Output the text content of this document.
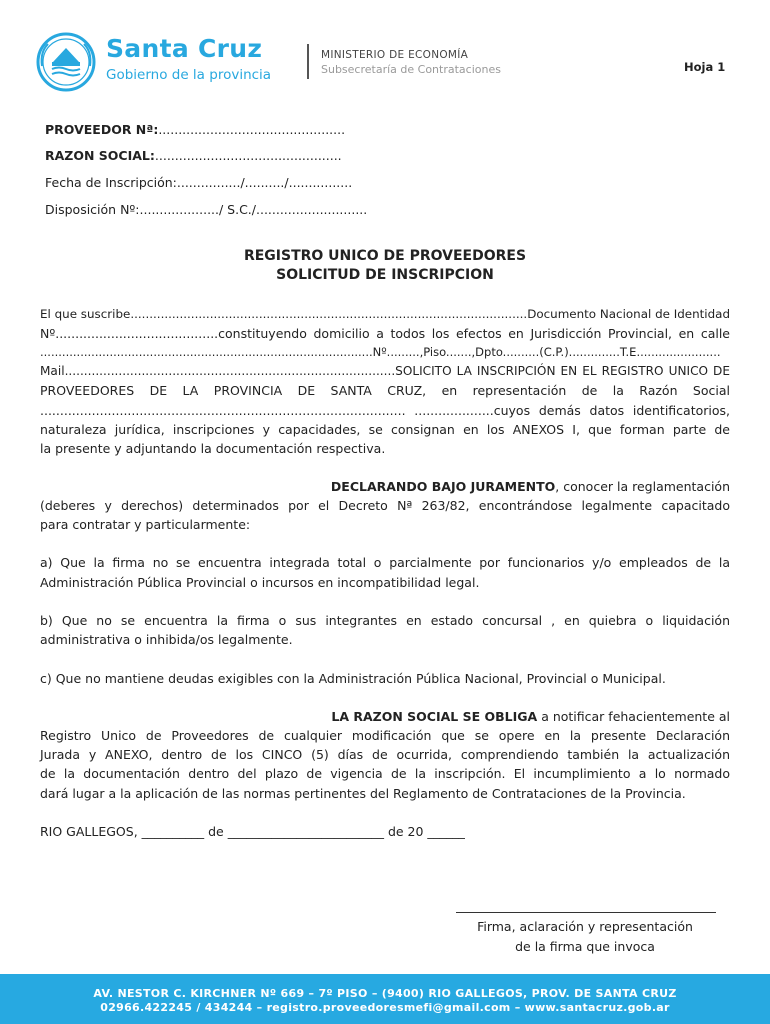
Santa Cruz
Gobierno de la provincia
MINISTERIO DE ECONOMÍA
Subsecretaría de Contrataciones	Hoja 1
PROVEEDOR Nª:...............................................
RAZON SOCIAL:...............................................
Fecha de Inscripción:................/........../................
Disposición Nº:..................../ S.C./............................
REGISTRO UNICO DE PROVEEDORES
SOLICITUD DE INSCRIPCION
El que suscribe.........................................................................................................Documento Nacional de Identidad
Nº.........................................constituyendo domicilio a todos los efectos en Jurisdicción Provincial, en calle
...........................................................................................Nº.........,Piso.......,Dpto..........(C.P.)..............T.E.......................
Mail......................................................................................SOLICITO LA INSCRIPCIÓN EN EL REGISTRO UNICO DE
PROVEEDORES DE LA PROVINCIA DE SANTA CRUZ, en representación de la Razón Social
............................................................................................ ....................cuyos demás datos identificatorios,
naturaleza jurídica, inscripciones y capacidades, se consignan en los ANEXOS I, que forman parte de
la presente y adjuntando la documentación respectiva.
DECLARANDO BAJO JURAMENTO, conocer la reglamentación
(deberes y derechos) determinados por el Decreto Nª 263/82, encontrándose legalmente capacitado
para contratar y particularmente:
a) Que la firma no se encuentra integrada total o parcialmente por funcionarios y/o empleados de la
Administración Pública Provincial o incursos en incompatibilidad legal.
b) Que no se encuentra la firma o sus integrantes en estado concursal , en quiebra o liquidación
administrativa o inhibida/os legalmente.
c) Que no mantiene deudas exigibles con la Administración Pública Nacional, Provincial o Municipal.
LA RAZON SOCIAL SE OBLIGA a notificar fehacientemente al
Registro Unico de Proveedores de cualquier modificación que se opere en la presente Declaración
Jurada y ANEXO, dentro de los CINCO (5) días de ocurrida, comprendiendo también la actualización
de la documentación dentro del plazo de vigencia de la inscripción. El incumplimiento a lo normado
dará lugar a la aplicación de las normas pertinentes del Reglamento de Contrataciones de la Provincia.
RIO GALLEGOS, __________ de _________________________ de 20 ______
Firma, aclaración y representación
de la firma que invoca
AV. NESTOR C. KIRCHNER Nº 669 – 7º PISO – (9400) RIO GALLEGOS, PROV. DE SANTA CRUZ
02966.422245 / 434244 – registro.proveedoresmefi@gmail.com – www.santacruz.gob.ar
